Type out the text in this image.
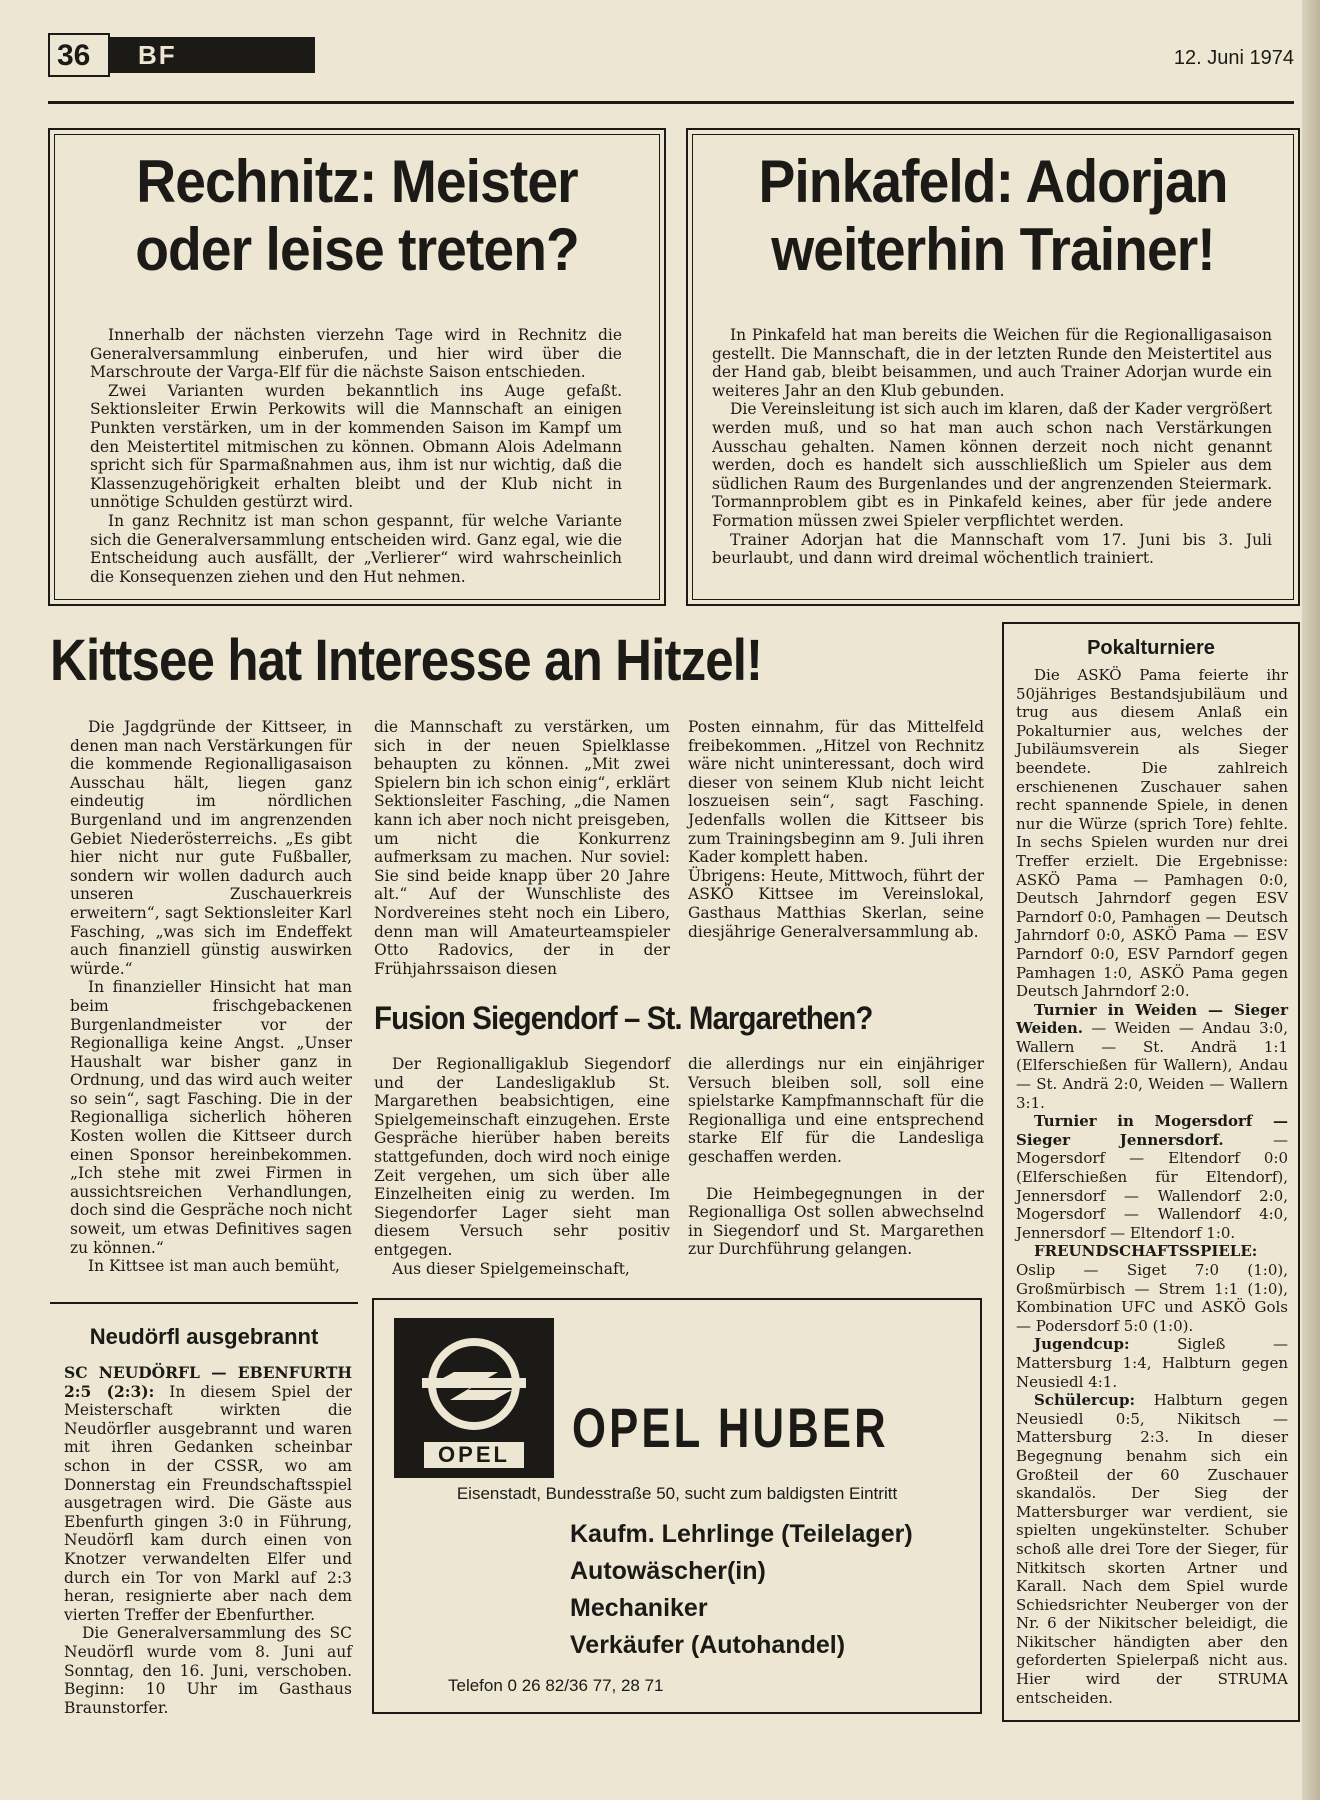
36 BF	12. Juni 1974
Rechnitz: Meister
oder leise treten?

Innerhalb der nächsten vierzehn Tage wird in Rechnitz die Generalversammlung einberufen, und hier wird über die Marschroute der Varga-Elf für die nächste Saison entschieden.

Zwei Varianten wurden bekanntlich ins Auge gefaßt. Sektionsleiter Erwin Perkowits will die Mannschaft an einigen Punkten verstärken, um in der kommenden Saison im Kampf um den Meistertitel mitmischen zu können. Obmann Alois Adelmann spricht sich für Sparmaßnahmen aus, ihm ist nur wichtig, daß die Klassenzugehörigkeit erhalten bleibt und der Klub nicht in unnötige Schulden gestürzt wird.

In ganz Rechnitz ist man schon gespannt, für welche Variante sich die Generalversammlung entscheiden wird. Ganz egal, wie die Entscheidung auch ausfällt, der „Verlierer“ wird wahrscheinlich die Konsequenzen ziehen und den Hut nehmen.

Pinkafeld: Adorjan
weiterhin Trainer!

In Pinkafeld hat man bereits die Weichen für die Regionalligasaison gestellt. Die Mannschaft, die in der letzten Runde den Meistertitel aus der Hand gab, bleibt beisammen, und auch Trainer Adorjan wurde ein weiteres Jahr an den Klub gebunden.

Die Vereinsleitung ist sich auch im klaren, daß der Kader vergrößert werden muß, und so hat man auch schon nach Verstärkungen Ausschau gehalten. Namen können derzeit noch nicht genannt werden, doch es handelt sich ausschließlich um Spieler aus dem südlichen Raum des Burgenlandes und der angrenzenden Steiermark. Tormannproblem gibt es in Pinkafeld keines, aber für jede andere Formation müssen zwei Spieler verpflichtet werden.

Trainer Adorjan hat die Mannschaft vom 17. Juni bis 3. Juli beurlaubt, und dann wird dreimal wöchentlich trainiert.

Kittsee hat Interesse an Hitzel!

Die Jagdgründe der Kittseer, in denen man nach Verstärkungen für die kommende Regionalligasaison Ausschau hält, liegen ganz eindeutig im nördlichen Burgenland und im angrenzenden Gebiet Niederösterreichs. „Es gibt hier nicht nur gute Fußballer, sondern wir wollen dadurch auch unseren Zuschauerkreis erweitern“, sagt Sektionsleiter Karl Fasching, „was sich im Endeffekt auch finanziell günstig auswirken würde.“

In finanzieller Hinsicht hat man beim frischgebackenen Burgenlandmeister vor der Regionalliga keine Angst. „Unser Haushalt war bisher ganz in Ordnung, und das wird auch weiter so sein“, sagt Fasching. Die in der Regionalliga sicherlich höheren Kosten wollen die Kittseer durch einen Sponsor hereinbekommen. „Ich stehe mit zwei Firmen in aussichtsreichen Verhandlungen, doch sind die Gespräche noch nicht soweit, um etwas Definitives sagen zu können.“

In Kittsee ist man auch bemüht,

die Mannschaft zu verstärken, um sich in der neuen Spielklasse behaupten zu können. „Mit zwei Spielern bin ich schon einig“, erklärt Sektionsleiter Fasching, „die Namen kann ich aber noch nicht preisgeben, um nicht die Konkurrenz aufmerksam zu machen. Nur soviel: Sie sind beide knapp über 20 Jahre alt.“ Auf der Wunschliste des Nordvereines steht noch ein Libero, denn man will Amateurteamspieler Otto Radovics, der in der Frühjahrssaison diesen

Posten einnahm, für das Mittelfeld freibekommen. „Hitzel von Rechnitz wäre nicht uninteressant, doch wird dieser von seinem Klub nicht leicht loszueisen sein“, sagt Fasching. Jedenfalls wollen die Kittseer bis zum Trainingsbeginn am 9. Juli ihren Kader komplett haben.

Übrigens: Heute, Mittwoch, führt der ASKÖ Kittsee im Vereinslokal, Gasthaus Matthias Skerlan, seine diesjährige Generalversammlung ab.

Fusion Siegendorf – St. Margarethen?

Der Regionalligaklub Siegendorf und der Landesligaklub St. Margarethen beabsichtigen, eine Spielgemeinschaft einzugehen. Erste Gespräche hierüber haben bereits stattgefunden, doch wird noch einige Zeit vergehen, um sich über alle Einzelheiten einig zu werden. Im Siegendorfer Lager sieht man diesem Versuch sehr positiv entgegen.

Aus dieser Spielgemeinschaft,

die allerdings nur ein einjähriger Versuch bleiben soll, soll eine spielstarke Kampfmannschaft für die Regionalliga und eine entsprechend starke Elf für die Landesliga geschaffen werden.

Die Heimbegegnungen in der Regionalliga Ost sollen abwechselnd in Siegendorf und St. Margarethen zur Durchführung gelangen.

Neudörfl ausgebrannt

SC NEUDÖRFL — EBENFURTH 2:5 (2:3): In diesem Spiel der Meisterschaft wirkten die Neudörfler ausgebrannt und waren mit ihren Gedanken scheinbar schon in der CSSR, wo am Donnerstag ein Freundschaftsspiel ausgetragen wird. Die Gäste aus Ebenfurth gingen 3:0 in Führung, Neudörfl kam durch einen von Knotzer verwandelten Elfer und durch ein Tor von Markl auf 2:3 heran, resignierte aber nach dem vierten Treffer der Ebenfurther.

Die Generalversammlung des SC Neudörfl wurde vom 8. Juni auf Sonntag, den 16. Juni, verschoben. Beginn: 10 Uhr im Gasthaus Braunstorfer.

Pokalturniere

Die ASKÖ Pama feierte ihr 50jähriges Bestandsjubiläum und trug aus diesem Anlaß ein Pokalturnier aus, welches der Jubiläumsverein als Sieger beendete. Die zahlreich erschienenen Zuschauer sahen recht spannende Spiele, in denen nur die Würze (sprich Tore) fehlte. In sechs Spielen wurden nur drei Treffer erzielt. Die Ergebnisse: ASKÖ Pama — Pamhagen 0:0, Deutsch Jahrndorf gegen ESV Parndorf 0:0, Pamhagen — Deutsch Jahrndorf 0:0, ASKÖ Pama — ESV Parndorf 0:0, ESV Parndorf gegen Pamhagen 1:0, ASKÖ Pama gegen Deutsch Jahrndorf 2:0.

Turnier in Weiden — Sieger Weiden. — Weiden — Andau 3:0, Wallern — St. Andrä 1:1 (Elferschießen für Wallern), Andau — St. Andrä 2:0, Weiden — Wallern 3:1.

Turnier in Mogersdorf — Sieger Jennersdorf.	— Mogersdorf — Eltendorf 0:0 (Elferschießen für Eltendorf), Jennersdorf — Wallendorf 2:0, Mogersdorf — Wallendorf 4:0, Jennersdorf — Eltendorf 1:0.

FREUNDSCHAFTSSPIELE: Oslip — Siget 7:0 (1:0), Großmürbisch — Strem 1:1 (1:0), Kombination UFC und ASKÖ Gols — Podersdorf 5:0 (1:0).

Jugendcup:	Sigleß — Mattersburg 1:4, Halbturn gegen Neusiedl 4:1.

Schülercup: Halbturn gegen Neusiedl 0:5, Nikitsch — Mattersburg 2:3. In dieser Begegnung benahm sich ein Großteil der 60 Zuschauer skandalös. Der Sieg der Mattersburger war verdient, sie spielten ungekünstelter. Schuber schoß alle drei Tore der Sieger, für Nitkitsch skorten Artner und Karall. Nach dem Spiel wurde Schiedsrichter Neuberger von der Nr. 6 der Nikitscher beleidigt, die Nikitscher händigten aber den geforderten Spielerpaß nicht aus. Hier wird der STRUMA entscheiden.

OPEL OPEL HUBER
Eisenstadt, Bundesstraße 50, sucht zum baldigsten Eintritt
Kaufm. Lehrlinge (Teilelager)
Autowäscher(in)
Mechaniker
Verkäufer (Autohandel)
Telefon 0 26 82/36 77, 28 71
